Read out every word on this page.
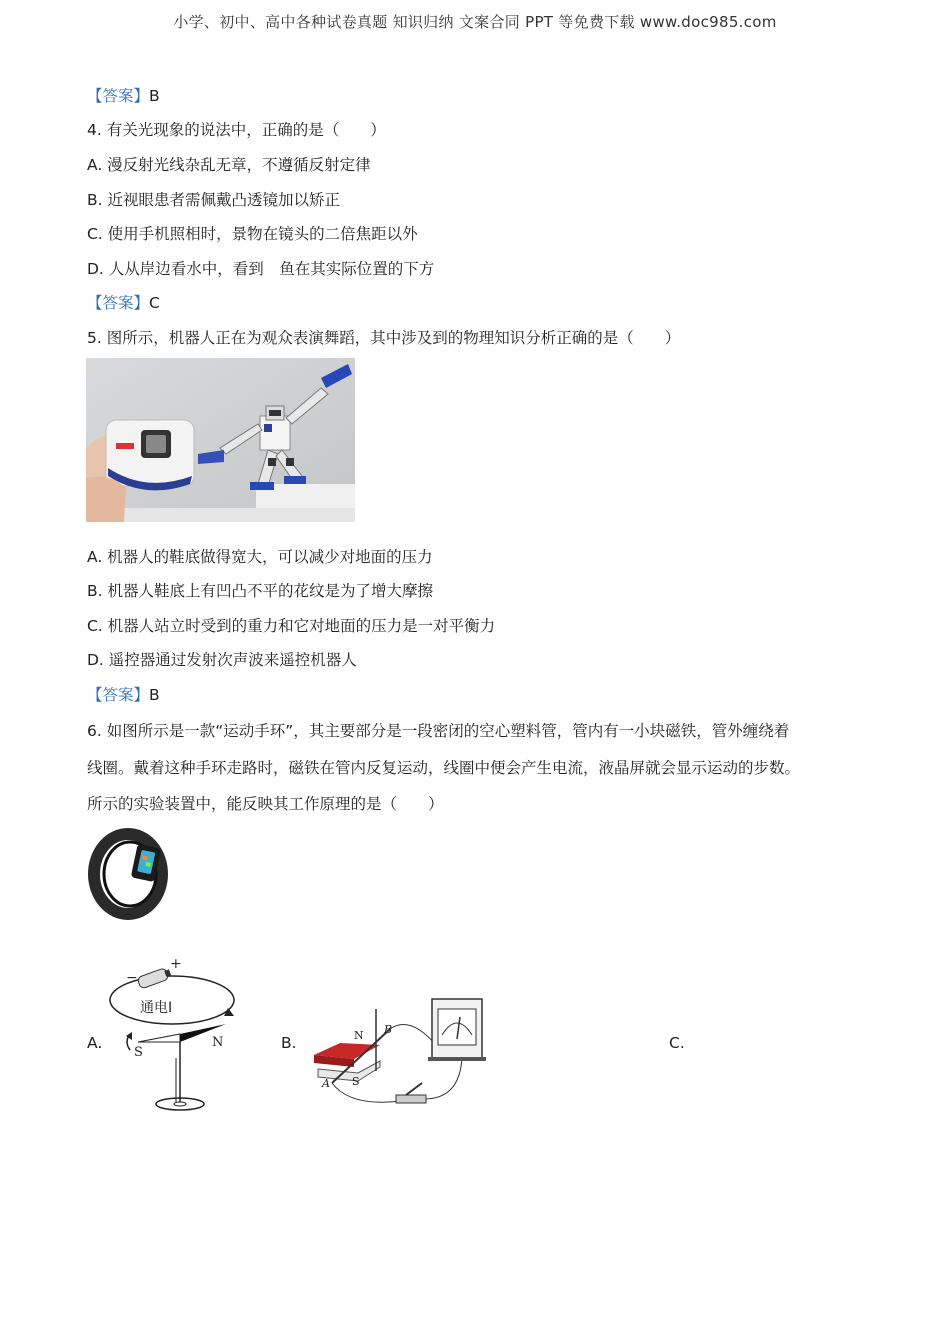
小学、初中、高中各种试卷真题 知识归纳 文案合同 PPT 等免费下载 www.doc985.com
【答案】B
4. 有关光现象的说法中，正确的是（　　）
A. 漫反射光线杂乱无章，不遵循反射定律
B. 近视眼患者需佩戴凸透镜加以矫正
C. 使用手机照相时，景物在镜头的二倍焦距以外
D. 人从岸边看水中，看到　鱼在其实际位置的下方
【答案】C
5. 图所示，机器人正在为观众表演舞蹈，其中涉及到的物理知识分析正确的是（　　）
A. 机器人的鞋底做得宽大，可以减少对地面的压力
B. 机器人鞋底上有凹凸不平的花纹是为了增大摩擦
C. 机器人站立时受到的重力和它对地面的压力是一对平衡力
D. 遥控器通过发射次声波来遥控机器人
【答案】B
6. 如图所示是一款“运动手环”，其主要部分是一段密闭的空心塑料管，管内有一小块磁铁，管外缠绕着
线圈。戴着这种手环走路时，磁铁在管内反复运动，线圈中便会产生电流，液晶屏就会显示运动的步数。
所示的实验装置中，能反映其工作原理的是（　　）
A.
−
+
通电I
S
N	B.	N
S
A
B
C.
